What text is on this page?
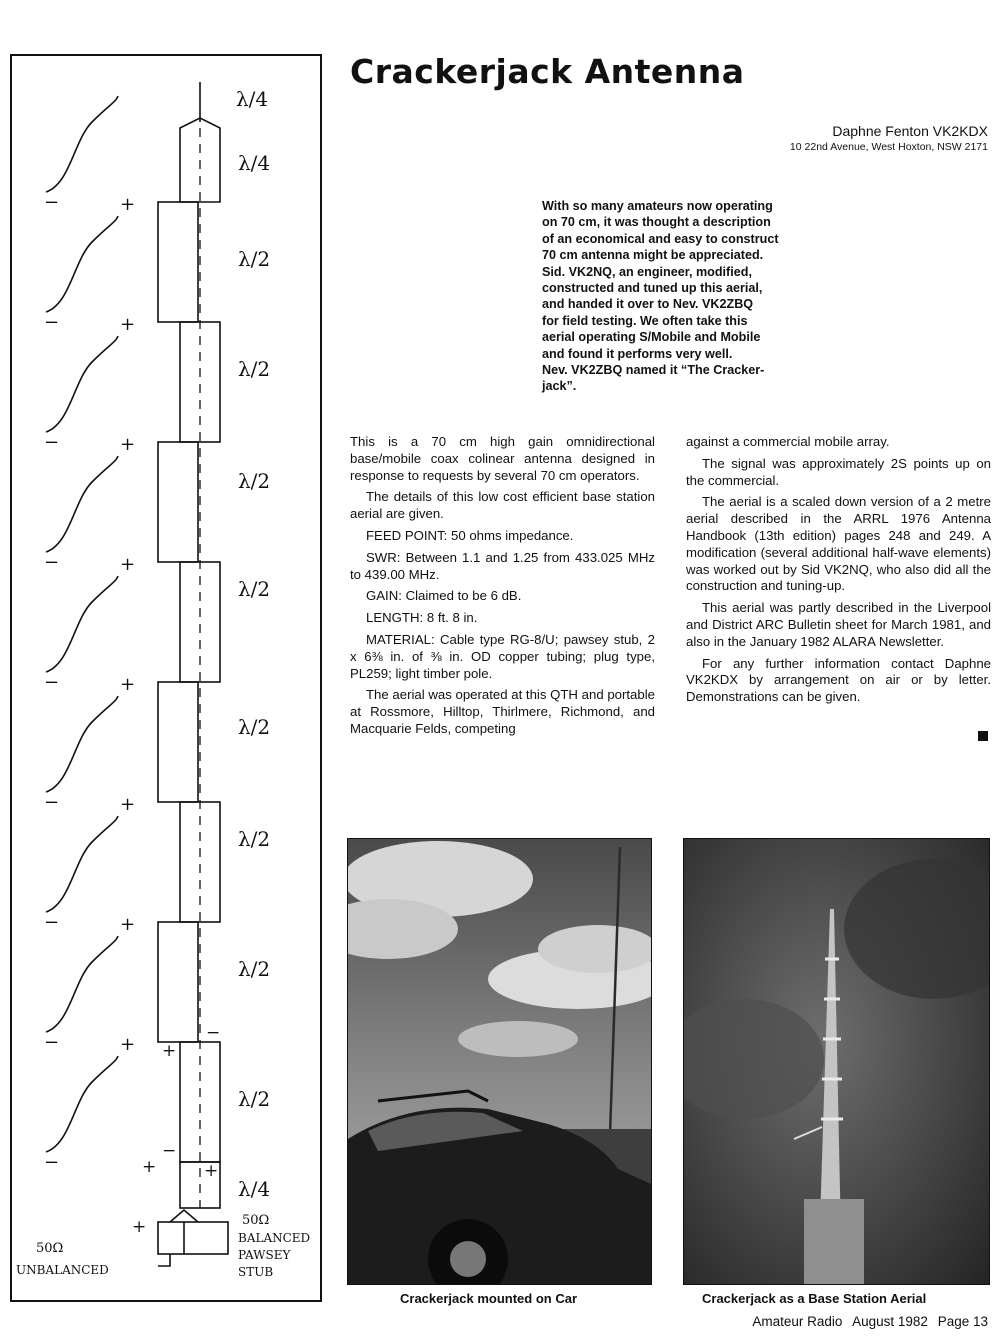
−	+
−	+
−	+
−	+
−	+
−	+
−	+
−	+
−
+
−
−
+	+
+
λ/4
λ/4
λ/2
λ/2
λ/2
λ/2
λ/2
λ/2
λ/2
λ/2
λ/4
50Ω
BALANCED
PAWSEY
STUB
50Ω
UNBALANCED
Crackerjack Antenna
Daphne Fenton VK2KDX
10 22nd Avenue, West Hoxton, NSW 2171
With so many amateurs now operating
on 70 cm, it was thought a description
of an economical and easy to construct
70 cm antenna might be appreciated.
Sid. VK2NQ, an engineer, modified,
constructed and tuned up this aerial,
and handed it over to Nev. VK2ZBQ
for field testing. We often take this
aerial operating S/Mobile and Mobile
and found it performs very well.
Nev. VK2ZBQ named it “The Cracker-
jack”.

This is a 70 cm high gain omnidirectional base/mobile coax colinear antenna designed in response to requests by several 70 cm operators.

The details of this low cost efficient base station aerial are given.

FEED POINT: 50 ohms impedance.

SWR: Between 1.1 and 1.25 from 433.025 MHz to 439.00 MHz.

GAIN: Claimed to be 6 dB.

LENGTH: 8 ft. 8 in.

MATERIAL: Cable type RG-8/U; pawsey stub, 2 x 6⅜ in. of ⅜ in. OD copper tubing; plug type, PL259; light timber pole.

The aerial was operated at this QTH and portable at Rossmore, Hilltop, Thirlmere, Richmond, and Macquarie Felds, competing

against a commercial mobile array.

The signal was approximately 2S points up on the commercial.

The aerial is a scaled down version of a 2 metre aerial described in the ARRL 1976 Antenna Handbook (13th edition) pages 248 and 249. A modification (several additional half-wave elements) was worked out by Sid VK2NQ, who also did all the construction and tuning-up.

This aerial was partly described in the Liverpool and District ARC Bulletin sheet for March 1981, and also in the January 1982 ALARA Newsletter.

For any further information contact Daphne VK2KDX by arrangement on air or by letter. Demonstrations can be given.

Crackerjack mounted on Car	Crackerjack as a Base Station Aerial
Amateur Radio August 1982 Page 13
